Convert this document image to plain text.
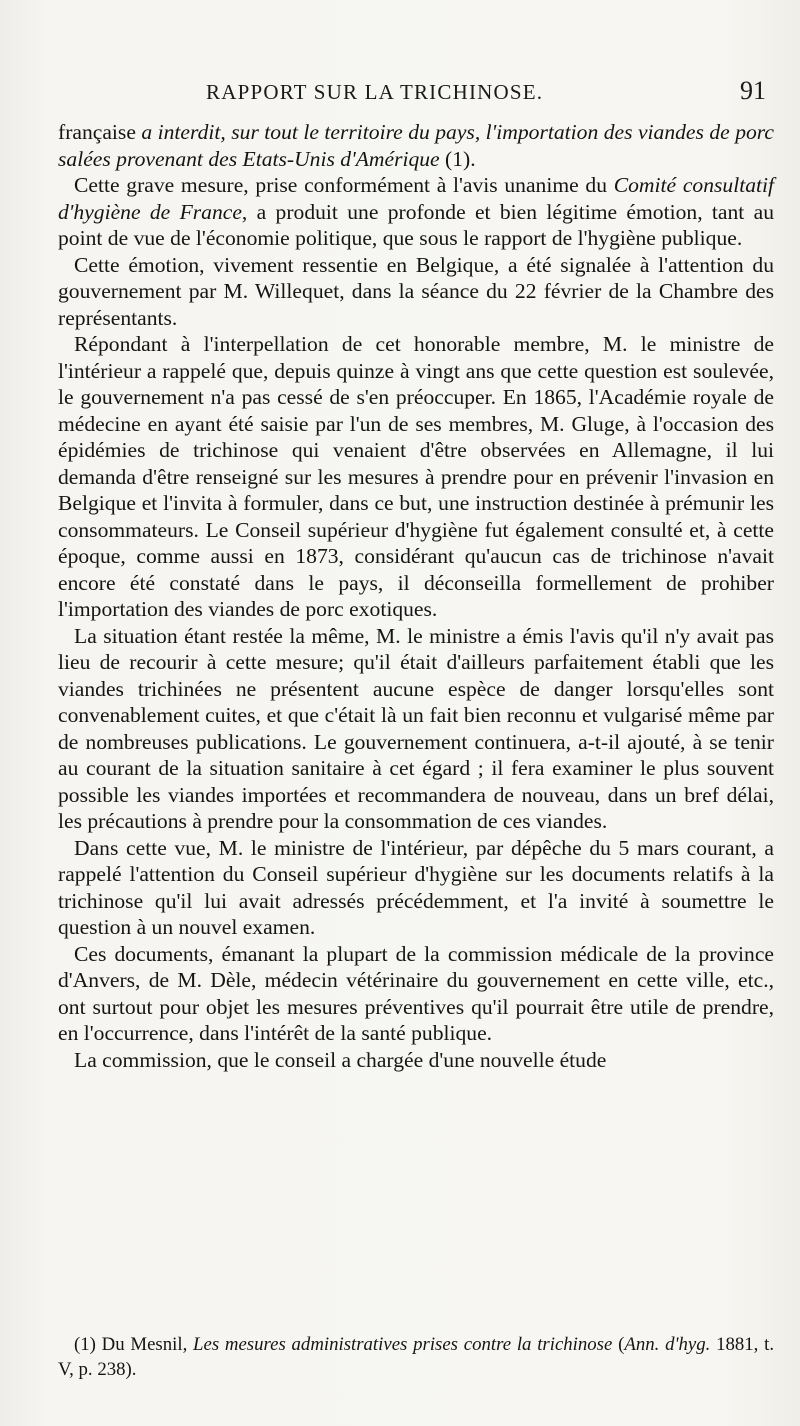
RAPPORT SUR LA TRICHINOSE.	91

française a interdit, sur tout le territoire du pays, l'importation des viandes de porc salées provenant des Etats-Unis d'Amérique (1).

Cette grave mesure, prise conformément à l'avis unanime du Comité consultatif d'hygiène de France, a produit une profonde et bien légitime émotion, tant au point de vue de l'économie politique, que sous le rapport de l'hygiène publique.

Cette émotion, vivement ressentie en Belgique, a été signalée à l'attention du gouvernement par M. Willequet, dans la séance du 22 février de la Chambre des représentants.

Répondant à l'interpellation de cet honorable membre, M. le ministre de l'intérieur a rappelé que, depuis quinze à vingt ans que cette question est soulevée, le gouvernement n'a pas cessé de s'en préoccuper. En 1865, l'Académie royale de médecine en ayant été saisie par l'un de ses membres, M. Gluge, à l'occasion des épidémies de trichinose qui venaient d'être observées en Allemagne, il lui demanda d'être renseigné sur les mesures à prendre pour en prévenir l'invasion en Belgique et l'invita à formuler, dans ce but, une instruction destinée à prémunir les consommateurs. Le Conseil supérieur d'hygiène fut également consulté et, à cette époque, comme aussi en 1873, considérant qu'aucun cas de trichinose n'avait encore été constaté dans le pays, il déconseilla formellement de prohiber l'importation des viandes de porc exotiques.

La situation étant restée la même, M. le ministre a émis l'avis qu'il n'y avait pas lieu de recourir à cette mesure; qu'il était d'ailleurs parfaitement établi que les viandes trichinées ne présentent aucune espèce de danger lorsqu'elles sont convenablement cuites, et que c'était là un fait bien reconnu et vulgarisé même par de nombreuses publications. Le gouvernement continuera, a-t-il ajouté, à se tenir au courant de la situation sanitaire à cet égard ; il fera examiner le plus souvent possible les viandes importées et recommandera de nouveau, dans un bref délai, les précautions à prendre pour la consommation de ces viandes.

Dans cette vue, M. le ministre de l'intérieur, par dépêche du 5 mars courant, a rappelé l'attention du Conseil supérieur d'hygiène sur les documents relatifs à la trichinose qu'il lui avait adressés précédemment, et l'a invité à soumettre le question à un nouvel examen.

Ces documents, émanant la plupart de la commission médicale de la province d'Anvers, de M. Dèle, médecin vétérinaire du gouvernement en cette ville, etc., ont surtout pour objet les mesures préventives qu'il pourrait être utile de prendre, en l'occurrence, dans l'intérêt de la santé publique.

La commission, que le conseil a chargée d'une nouvelle étude

(1) Du Mesnil, Les mesures administratives prises contre la trichinose (Ann. d'hyg. 1881, t. V, p. 238).
